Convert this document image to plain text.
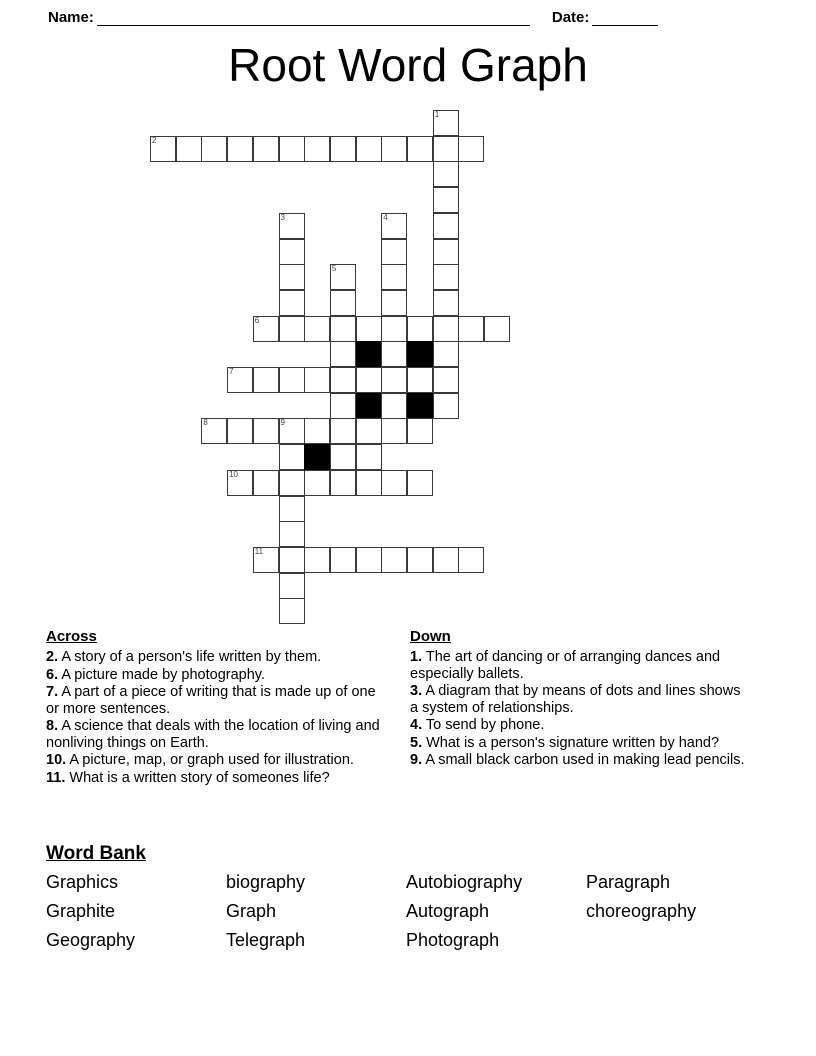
Name:	Date:
Root Word Graph
1
2
3	4
5
6
7
8	9
10
11
Across
2. A story of a person's life written by them.
6. A picture made by photography.
7. A part of a piece of writing that is made up of one or more sentences.
8. A science that deals with the location of living and nonliving things on Earth.
10. A picture, map, or graph used for illustration.
11. What is a written story of someones life?
Down
1. The art of dancing or of arranging dances and especially ballets.
3. A diagram that by means of dots and lines shows a system of relationships.
4. To send by phone.
5. What is a person's signature written by hand?
9. A small black carbon used in making lead pencils.
Word Bank
Graphics	biography	Autobiography	Paragraph
Graphite	Graph	Autograph	choreography
Geography	Telegraph	Photograph
